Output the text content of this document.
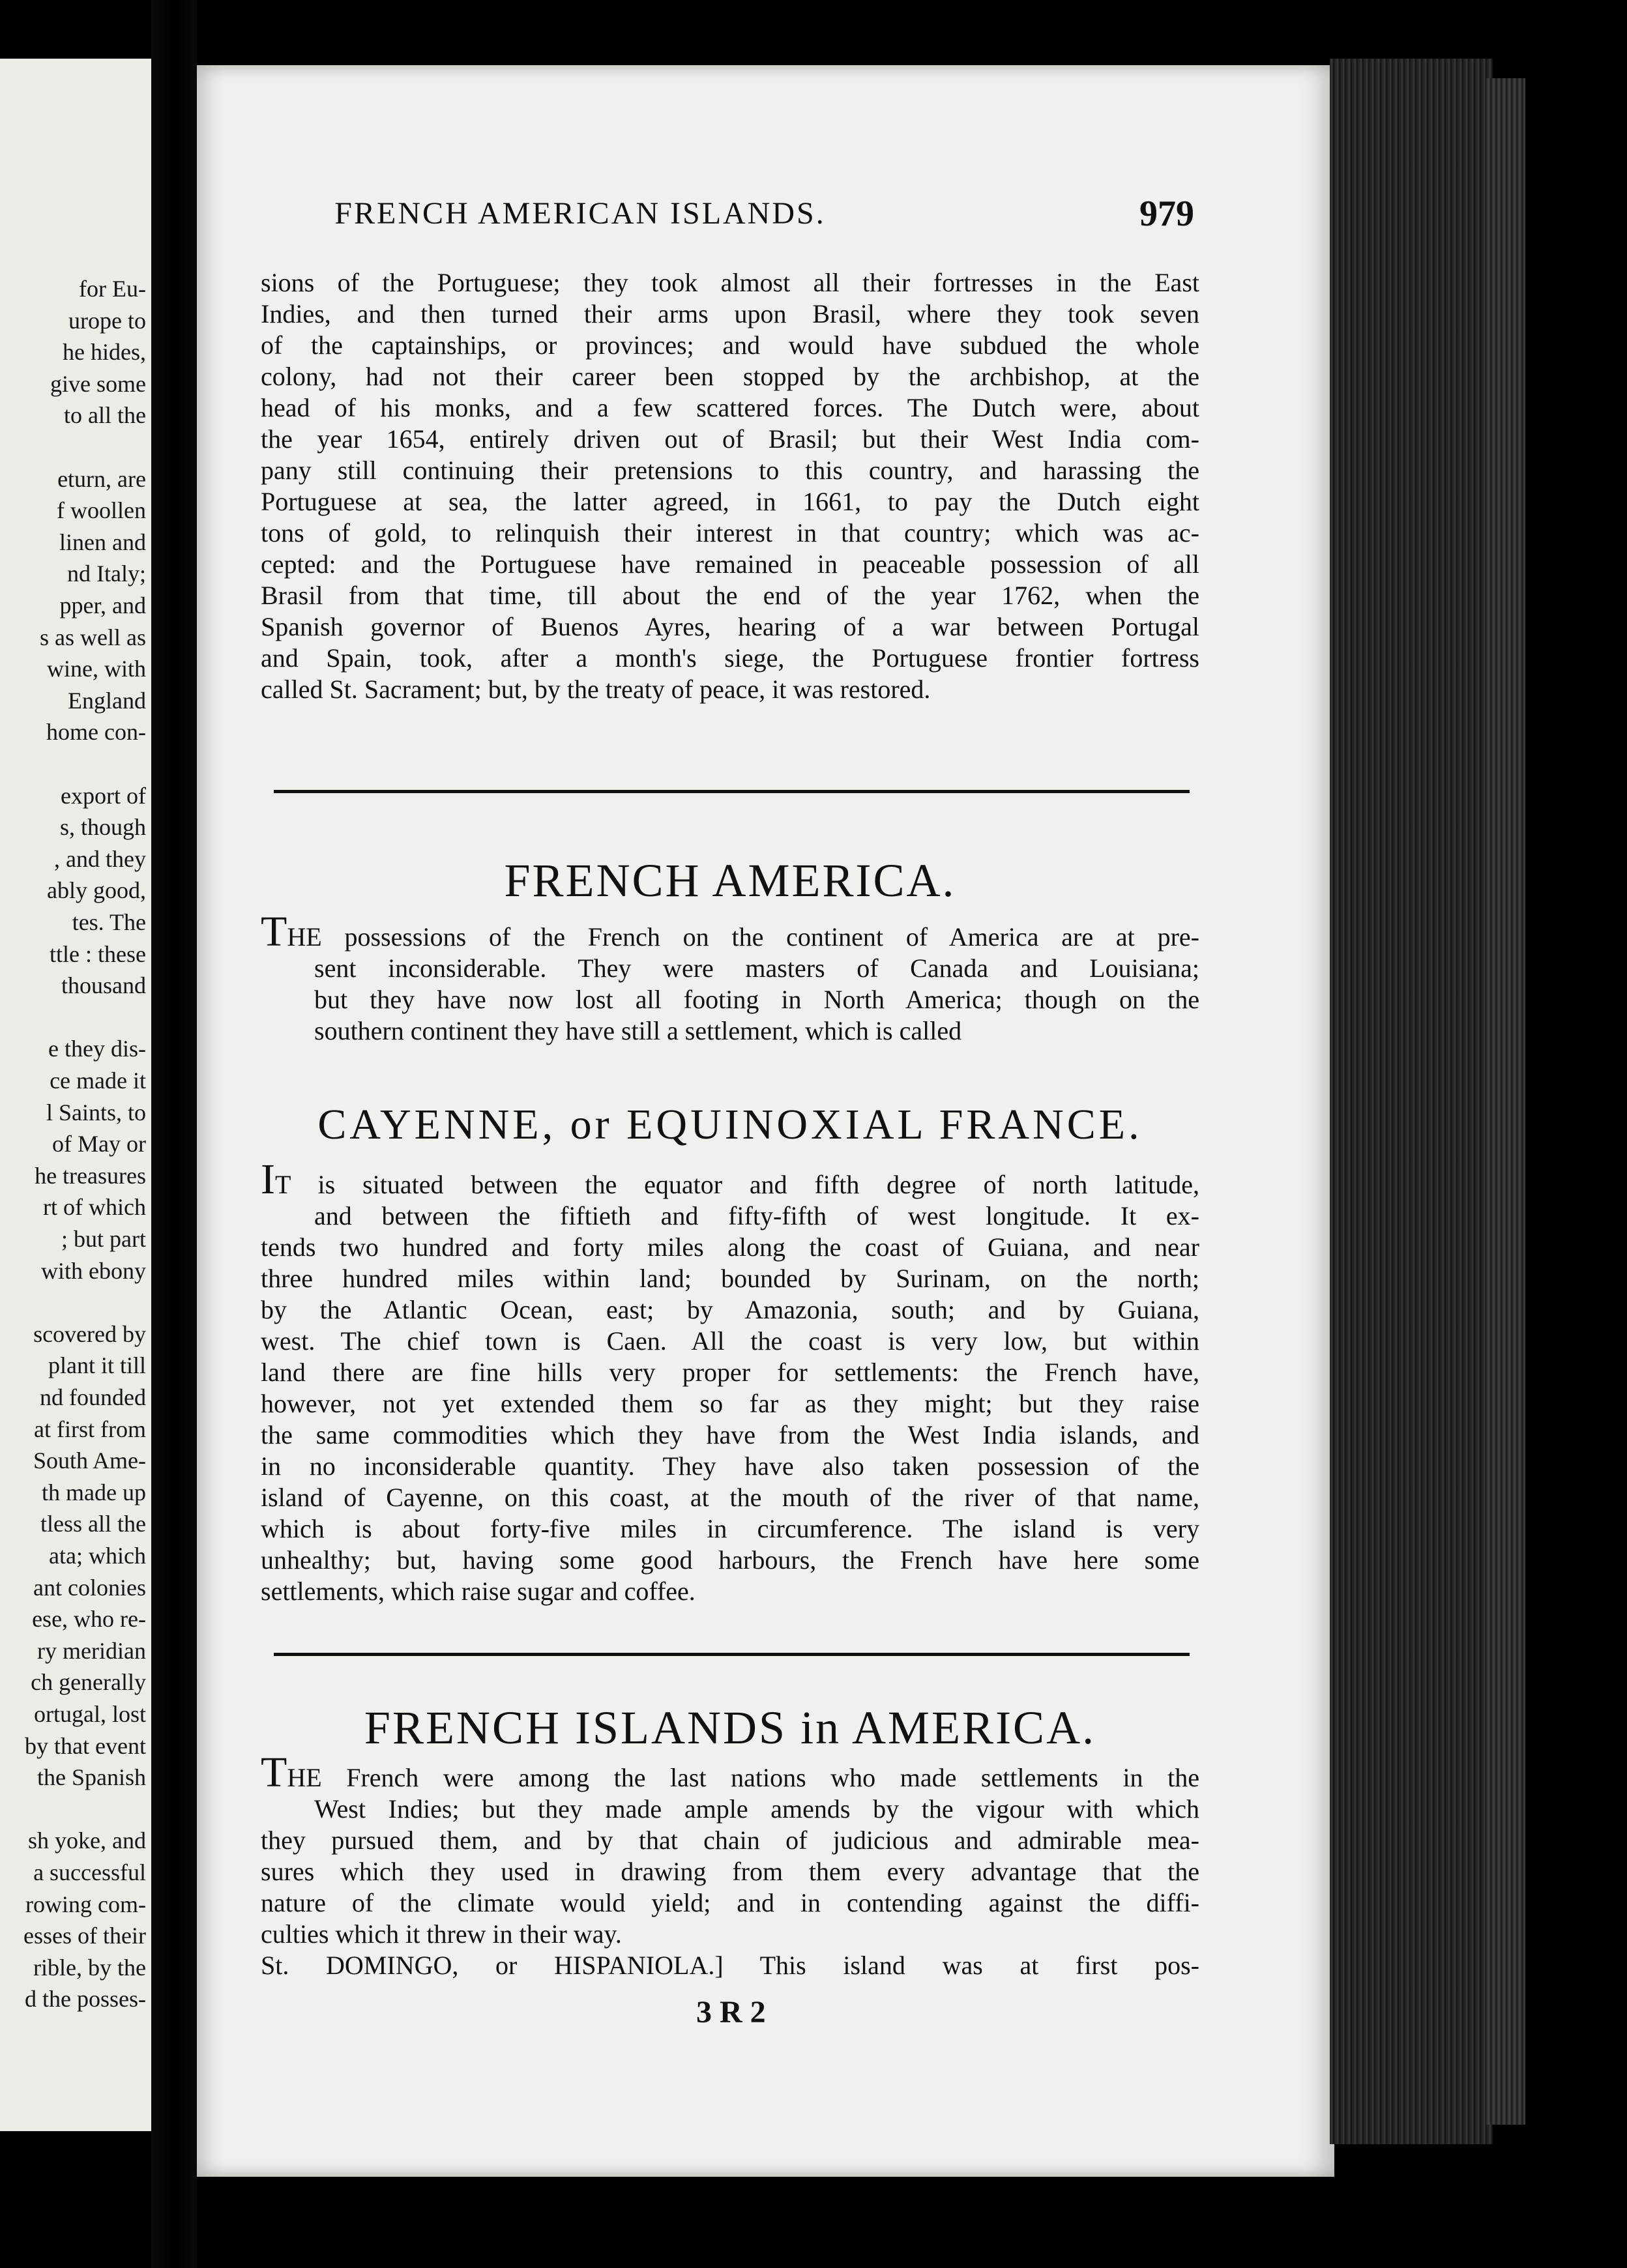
for Eu-
urope to
he hides,
give some
to all the
eturn, are
f woollen
linen and
nd Italy;
pper, and
s as well as
wine, with
England
home con-
export of
s, though
, and they
ably good,
tes. The
ttle : these
thousand
e they dis-
ce made it
l Saints, to
of May or
he treasures
rt of which
; but part
with ebony
scovered by
plant it till
nd founded
at first from
South Ame-
th made up
tless all the
ata; which
ant colonies
ese, who re-
ry meridian
ch generally
ortugal, lost
by that event
the Spanish
sh yoke, and
a successful
rowing com-
esses of their
rible, by the
d the posses-
FRENCH AMERICAN ISLANDS.	979
sions of the Portuguese; they took almost all their fortresses in the East
Indies, and then turned their arms upon Brasil, where they took seven
of the captainships, or provinces; and would have subdued the whole
colony, had not their career been stopped by the archbishop, at the
head of his monks, and a few scattered forces. The Dutch were, about
the year 1654, entirely driven out of Brasil; but their West India com-
pany still continuing their pretensions to this country, and harassing the
Portuguese at sea, the latter agreed, in 1661, to pay the Dutch eight
tons of gold, to relinquish their interest in that country; which was ac-
cepted: and the Portuguese have remained in peaceable possession of all
Brasil from that time, till about the end of the year 1762, when the
Spanish governor of Buenos Ayres, hearing of a war between Portugal
and Spain, took, after a month's siege, the Portuguese frontier fortress
called St. Sacrament; but, by the treaty of peace, it was restored.
FRENCH AMERICA.
THE possessions of the French on the continent of America are at pre-
sent inconsiderable. They were masters of Canada and Louisiana;
but they have now lost all footing in North America; though on the
southern continent they have still a settlement, which is called
CAYENNE, or EQUINOXIAL FRANCE.
IT is situated between the equator and fifth degree of north latitude,
and between the fiftieth and fifty-fifth of west longitude. It ex-
tends two hundred and forty miles along the coast of Guiana, and near
three hundred miles within land; bounded by Surinam, on the north;
by the Atlantic Ocean, east; by Amazonia, south; and by Guiana,
west. The chief town is Caen. All the coast is very low, but within
land there are fine hills very proper for settlements: the French have,
however, not yet extended them so far as they might; but they raise
the same commodities which they have from the West India islands, and
in no inconsiderable quantity. They have also taken possession of the
island of Cayenne, on this coast, at the mouth of the river of that name,
which is about forty-five miles in circumference. The island is very
unhealthy; but, having some good harbours, the French have here some
settlements, which raise sugar and coffee.
FRENCH ISLANDS in AMERICA.
THE French were among the last nations who made settlements in the
West Indies; but they made ample amends by the vigour with which
they pursued them, and by that chain of judicious and admirable mea-
sures which they used in drawing from them every advantage that the
nature of the climate would yield; and in contending against the diffi-
culties which it threw in their way.
St. DOMINGO, or HISPANIOLA.] This island was at first pos-
3 R 2
